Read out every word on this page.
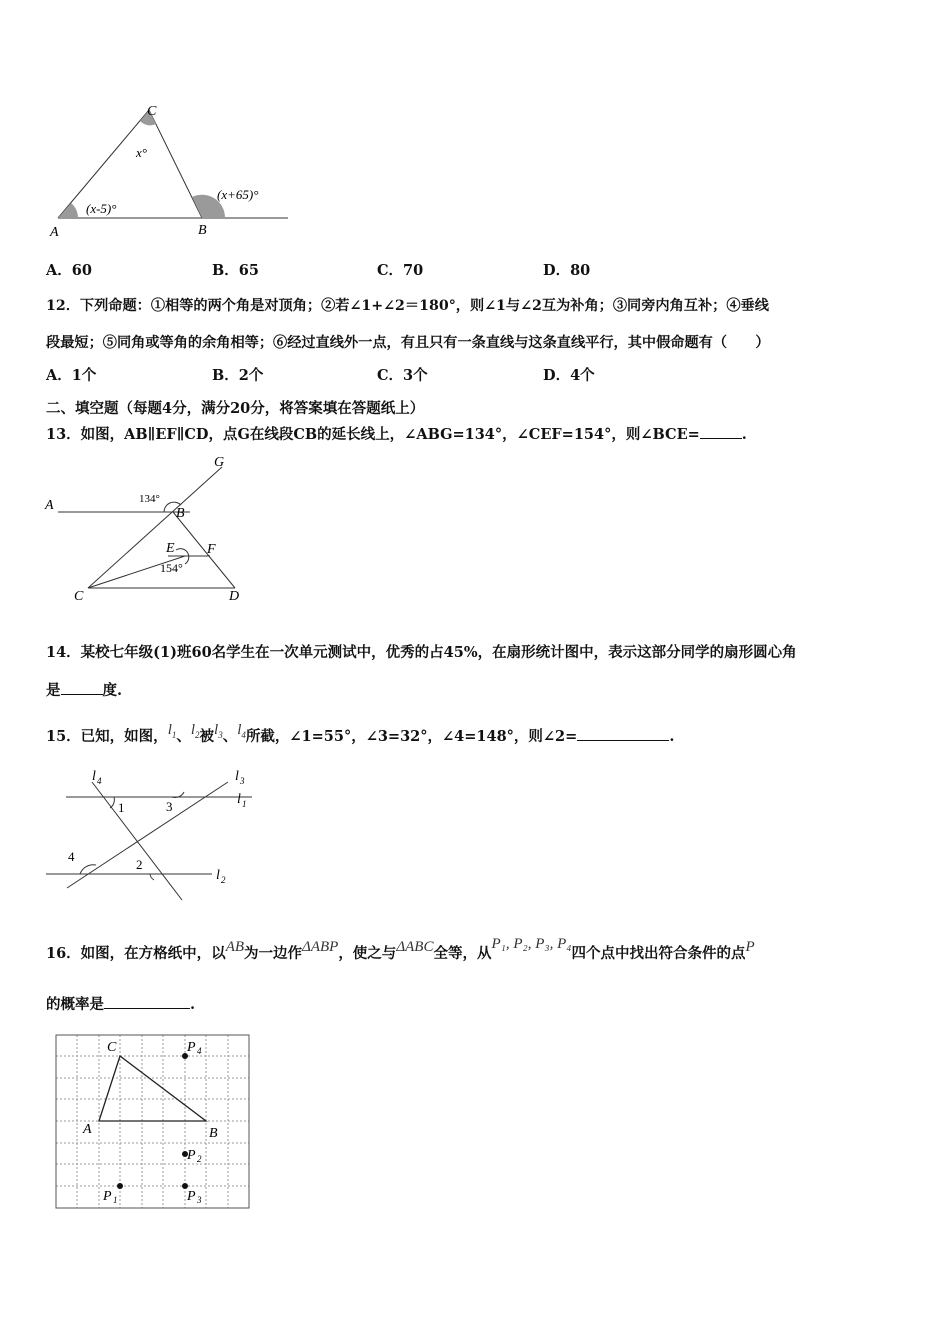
C
x°
(x-5)°
(x+65)°
A	B
A．60	B．65	C．70	D．80
12．下列命题：①相等的两个角是对顶角；②若∠1+∠2＝180°，则∠1与∠2互为补角；③同旁内角互补；④垂线
段最短；⑤同角或等角的余角相等；⑥经过直线外一点，有且只有一条直线与这条直线平行，其中假命题有（　　）
A．1个	B．2个	C．3个	D．4个
二、填空题（每题4分，满分20分，将答案填在答题纸上）
13．如图，AB∥EF∥CD，点G在线段CB的延长线上，∠ABG=134°，∠CEF=154°，则∠BCE=	.
G
A
B
134°
E F
154°
C	D
14．某校七年级(1)班60名学生在一次单元测试中，优秀的占45%，在扇形统计图中，表示这部分同学的扇形圆心角
是	度.
15．已知，如图，$l^1$、$l^2$被$l^3$、$l^4$所截，∠1=55°，∠3=32°，∠4=148°，则∠2=	.
l 4	l 3
l 1
l 2
1	3
4
2
16．如图，在方格纸中，以AB为一边作ΔABP，使之与ΔABC全等，从P₁, P₂, P₃, P₄四个点中找出符合条件的点P
的概率是	.
C
A	B
P 4
P 2
P 3
P 1
